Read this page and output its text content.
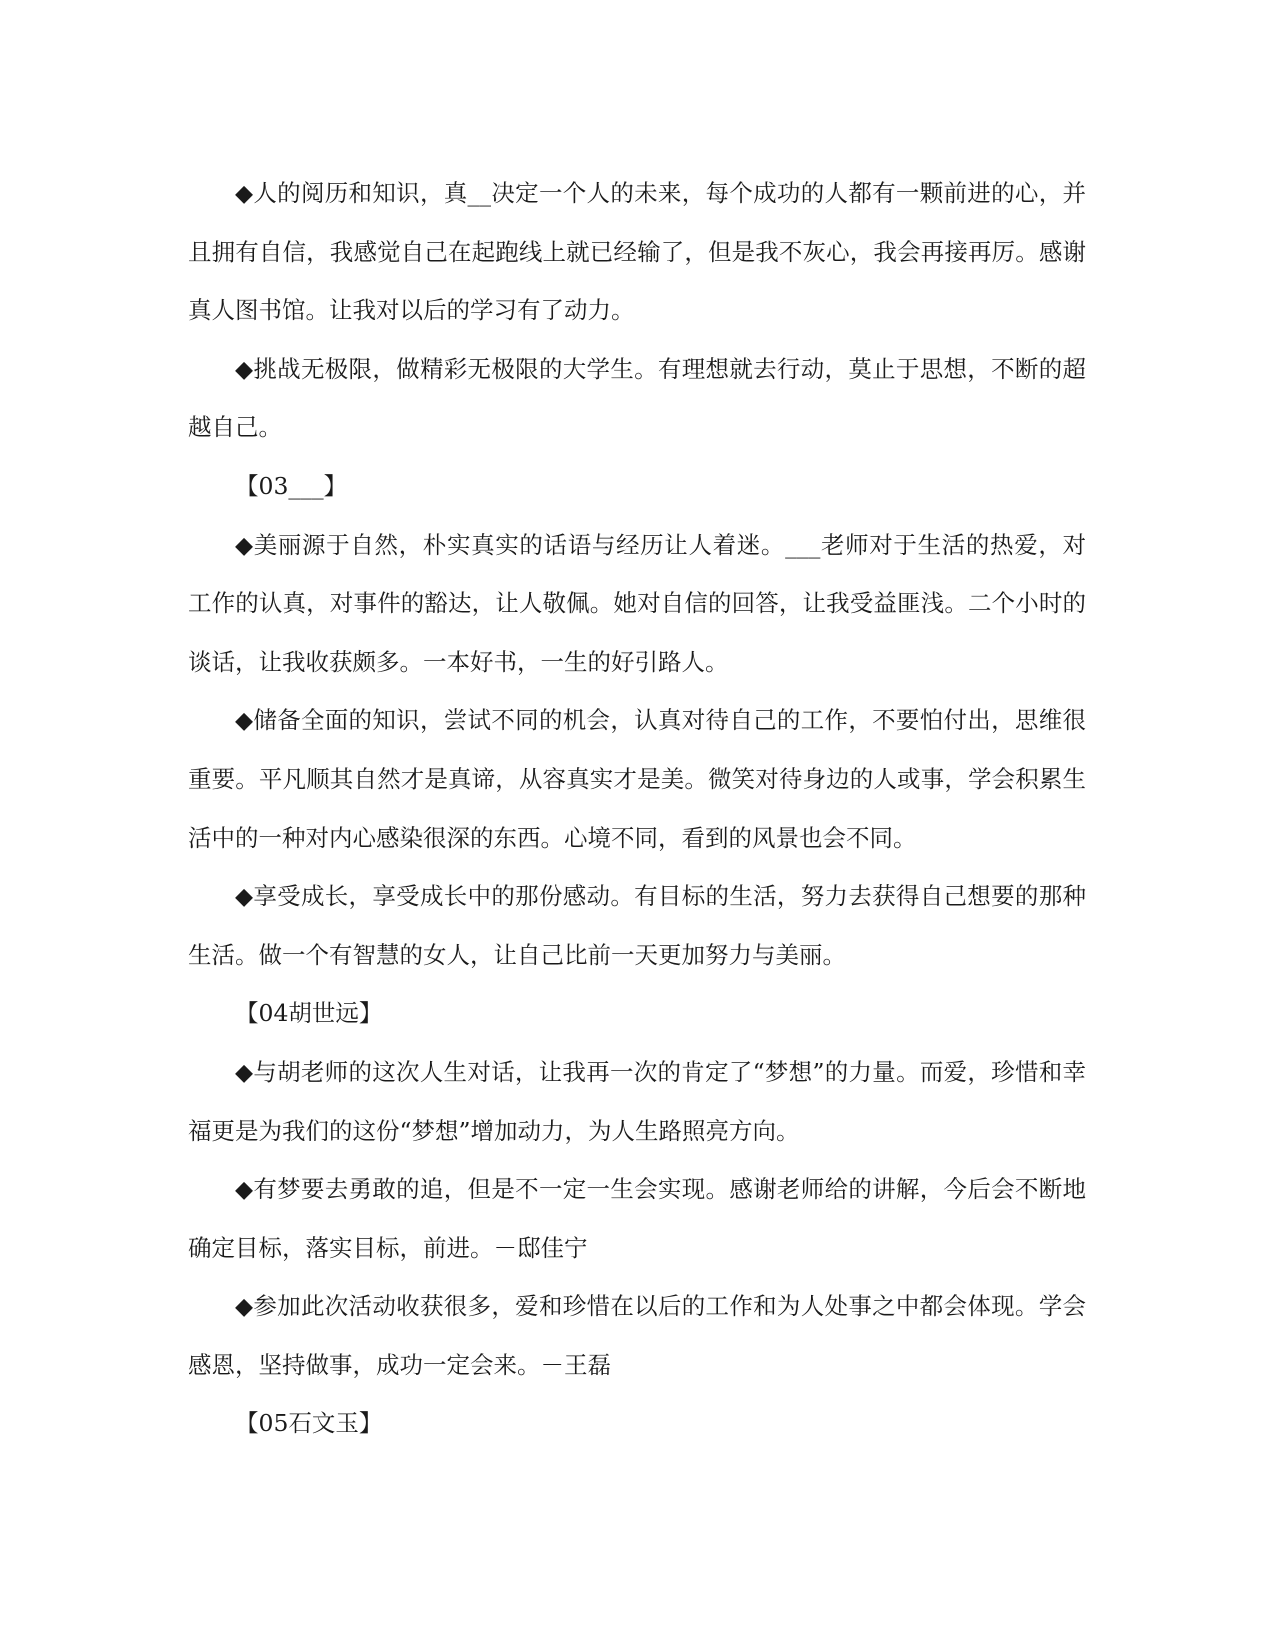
◆人的阅历和知识，真__决定一个人的未来，每个成功的人都有一颗前进的心，并且拥有自信，我感觉自己在起跑线上就已经输了，但是我不灰心，我会再接再厉。感谢真人图书馆。让我对以后的学习有了动力。

◆挑战无极限，做精彩无极限的大学生。有理想就去行动，莫止于思想，不断的超越自己。

【03___】

◆美丽源于自然，朴实真实的话语与经历让人着迷。___老师对于生活的热爱，对工作的认真，对事件的豁达，让人敬佩。她对自信的回答，让我受益匪浅。二个小时的谈话，让我收获颇多。一本好书，一生的好引路人。

◆储备全面的知识，尝试不同的机会，认真对待自己的工作，不要怕付出，思维很重要。平凡顺其自然才是真谛，从容真实才是美。微笑对待身边的人或事，学会积累生活中的一种对内心感染很深的东西。心境不同，看到的风景也会不同。

◆享受成长，享受成长中的那份感动。有目标的生活，努力去获得自己想要的那种生活。做一个有智慧的女人，让自己比前一天更加努力与美丽。

【04胡世远】

◆与胡老师的这次人生对话，让我再一次的肯定了“梦想”的力量。而爱，珍惜和幸福更是为我们的这份“梦想”增加动力，为人生路照亮方向。

◆有梦要去勇敢的追，但是不一定一生会实现。感谢老师给的讲解，今后会不断地确定目标，落实目标，前进。－邸佳宁

◆参加此次活动收获很多，爱和珍惜在以后的工作和为人处事之中都会体现。学会感恩，坚持做事，成功一定会来。－王磊

【05石文玉】
